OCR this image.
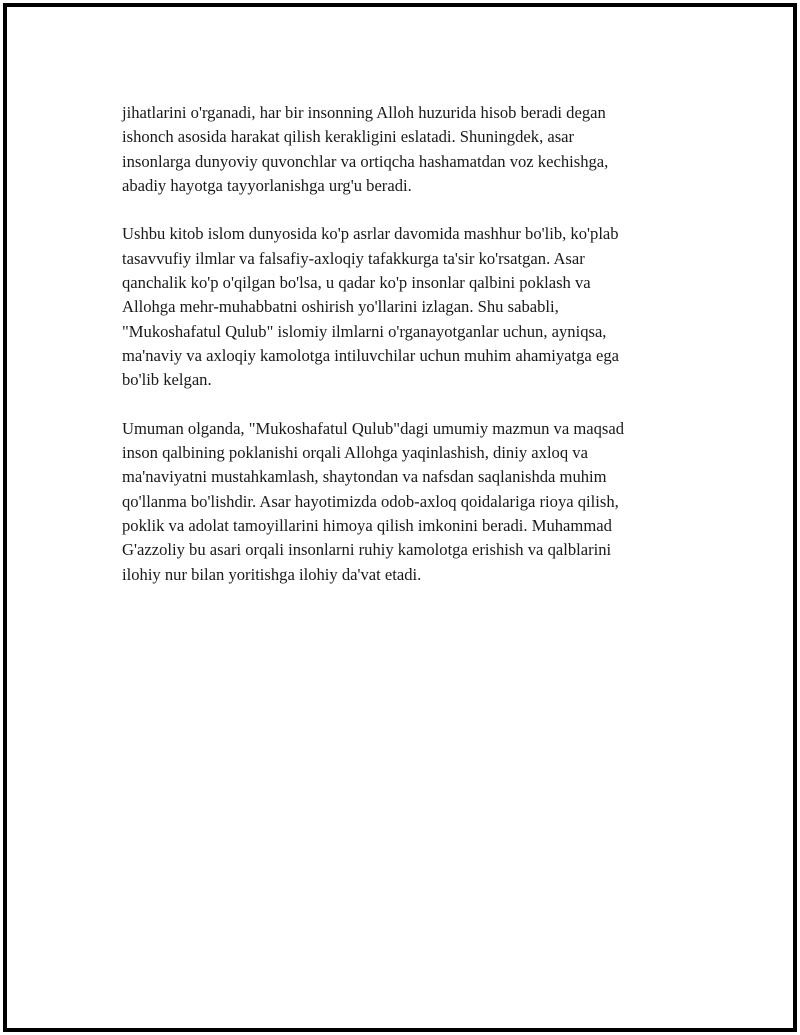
jihatlarini o'rganadi, har bir insonning Alloh huzurida hisob beradi degan
ishonch asosida harakat qilish kerakligini eslatadi. Shuningdek, asar
insonlarga dunyoviy quvonchlar va ortiqcha hashamatdan voz kechishga,
abadiy hayotga tayyorlanishga urg'u beradi.

Ushbu kitob islom dunyosida ko'p asrlar davomida mashhur bo'lib, ko'plab
tasavvufiy ilmlar va falsafiy-axloqiy tafakkurga ta'sir ko'rsatgan. Asar
qanchalik ko'p o'qilgan bo'lsa, u qadar ko'p insonlar qalbini poklash va
Allohga mehr-muhabbatni oshirish yo'llarini izlagan. Shu sababli,
"Mukoshafatul Qulub" islomiy ilmlarni o'rganayotganlar uchun, ayniqsa,
ma'naviy va axloqiy kamolotga intiluvchilar uchun muhim ahamiyatga ega
bo'lib kelgan.

Umuman olganda, "Mukoshafatul Qulub"dagi umumiy mazmun va maqsad
inson qalbining poklanishi orqali Allohga yaqinlashish, diniy axloq va
ma'naviyatni mustahkamlash, shaytondan va nafsdan saqlanishda muhim
qo'llanma bo'lishdir. Asar hayotimizda odob-axloq qoidalariga rioya qilish,
poklik va adolat tamoyillarini himoya qilish imkonini beradi. Muhammad
G'azzoliy bu asari orqali insonlarni ruhiy kamolotga erishish va qalblarini
ilohiy nur bilan yoritishga ilohiy da'vat etadi.
